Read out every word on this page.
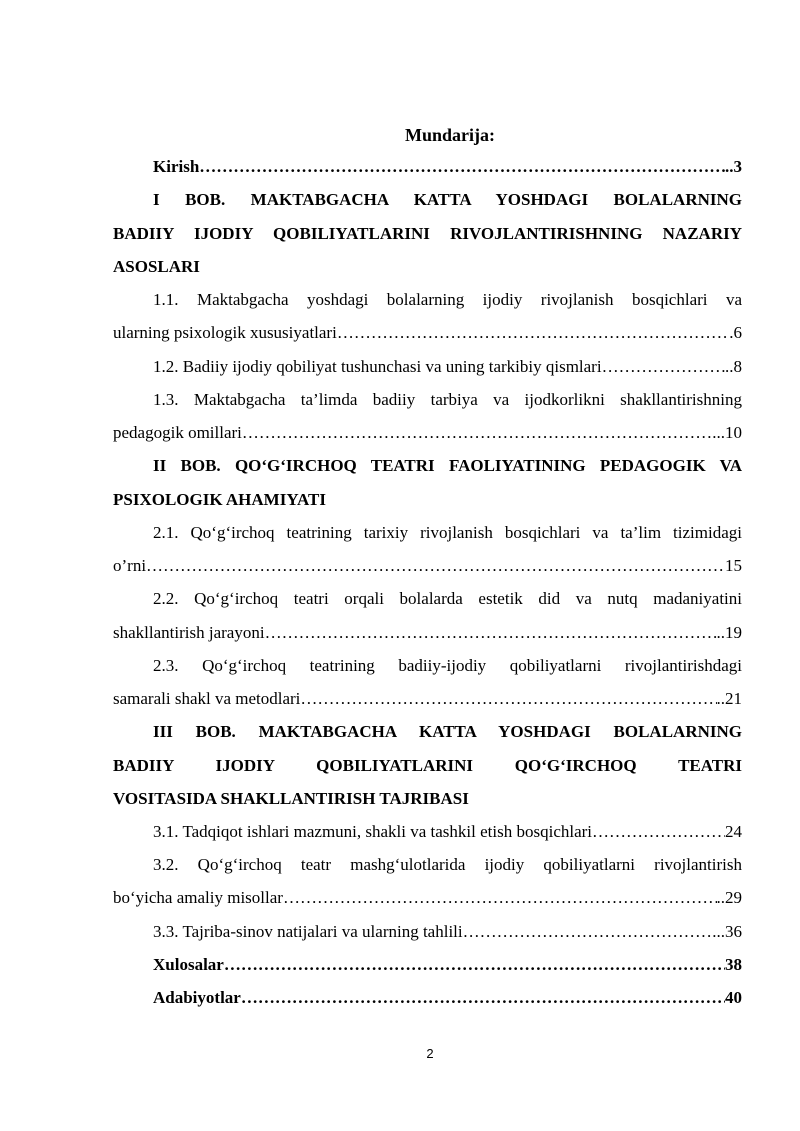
Mundarija:
Kirish ……………………………………………………………………………………………………………………………………………………………………………………………	..3
I BOB. MAKTABGACHA KATTA YOSHDAGI BOLALARNING
BADIIY IJODIY QOBILIYATLARINI RIVOJLANTIRISHNING NAZARIY
ASOSLARI
1.1. Maktabgacha yoshdagi bolalarning ijodiy rivojlanish bosqichlari va
ularning psixologik xususiyatlari ……………………………………………………………………………………………………………………………………………………………………………………………	.6
1.2. Badiiy ijodiy qobiliyat tushunchasi va uning tarkibiy qismlari ……………………………………………………………………………………………………………………………………………………………………………………………	..8
1.3. Maktabgacha ta’limda badiiy tarbiya va ijodkorlikni shakllantirishning
pedagogik omillari ……………………………………………………………………………………………………………………………………………………………………………………………	...10
II BOB. QO‘G‘IRCHOQ TEATRI FAOLIYATINING PEDAGOGIK VA
PSIXOLOGIK AHAMIYATI
2.1. Qo‘g‘irchoq teatrining tarixiy rivojlanish bosqichlari va ta’lim tizimidagi
o’rni ……………………………………………………………………………………………………………………………………………………………………………………………	15
2.2. Qo‘g‘irchoq teatri orqali bolalarda estetik did va nutq madaniyatini
shakllantirish jarayoni ……………………………………………………………………………………………………………………………………………………………………………………………	..19
2.3. Qo‘g‘irchoq teatrining badiiy-ijodiy qobiliyatlarni rivojlantirishdagi
samarali shakl va metodlari ……………………………………………………………………………………………………………………………………………………………………………………………	..21
III BOB. MAKTABGACHA KATTA YOSHDAGI BOLALARNING
BADIIY IJODIY QOBILIYATLARINI QO‘G‘IRCHOQ TEATRI
VOSITASIDA SHAKLLANTIRISH TAJRIBASI
3.1. Tadqiqot ishlari mazmuni, shakli va tashkil etish bosqichlari ……………………………………………………………………………………………………………………………………………………………………………………………	24
3.2. Qo‘g‘irchoq teatr mashg‘ulotlarida ijodiy qobiliyatlarni rivojlantirish
bo‘yicha amaliy misollar ……………………………………………………………………………………………………………………………………………………………………………………………	..29
3.3. Tajriba-sinov natijalari va ularning tahlili ……………………………………………………………………………………………………………………………………………………………………………………………	...36
Xulosalar ……………………………………………………………………………………………………………………………………………………………………………………………	38
Adabiyotlar ……………………………………………………………………………………………………………………………………………………………………………………………	40
2
